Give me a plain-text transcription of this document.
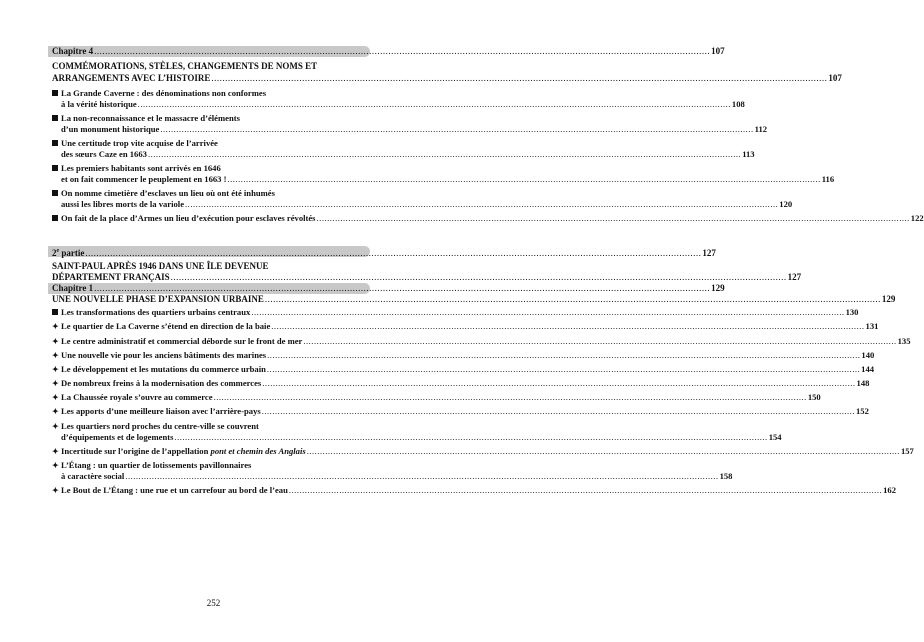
Chapitre 4 .....	107
COMMÉMORATIONS, STÈLES, CHANGEMENTS DE NOMS ET
ARRANGEMENTS AVEC L’HISTOIRE .....	107
La Grande Caverne : des dénominations non conformes
à la vérité historique .....	108
La non-reconnaissance et le massacre d’éléments
d’un monument historique .....	112
Une certitude trop vite acquise de l’arrivée
des sœurs Caze en 1663 .....	113
Les premiers habitants sont arrivés en 1646
et on fait commencer le peuplement en 1663 ! .....	116
On nomme cimetière d’esclaves un lieu où ont été inhumés
aussi les libres morts de la variole .....	120
On fait de la place d’Armes un lieu d’exécution pour esclaves révoltés .....	122
2e partie .....	127
SAINT-PAUL APRÈS 1946 DANS UNE ÎLE DEVENUE
DÉPARTEMENT FRANÇAIS .....	127
Chapitre 1 .....	129
UNE NOUVELLE PHASE D’EXPANSION URBAINE .....	129
Les transformations des quartiers urbains centraux .....	130
✦ Le quartier de La Caverne s’étend en direction de la baie .....	131
✦ Le centre administratif et commercial déborde sur le front de mer .....	135
✦ Une nouvelle vie pour les anciens bâtiments des marines .....	140
✦ Le développement et les mutations du commerce urbain .....	144
✦ De nombreux freins à la modernisation des commerces .....	148
✦ La Chaussée royale s’ouvre au commerce .....	150
✦ Les apports d’une meilleure liaison avec l’arrière-pays .....	152
✦ Les quartiers nord proches du centre-ville se couvrent
d’équipements et de logements .....	154
✦ Incertitude sur l’origine de l’appellation pont et chemin des Anglais .....	157
✦ L’Étang : un quartier de lotissements pavillonnaires
à caractère social .....	158
✦ Le Bout de L’Étang : une rue et un carrefour au bord de l’eau .....	162
252
